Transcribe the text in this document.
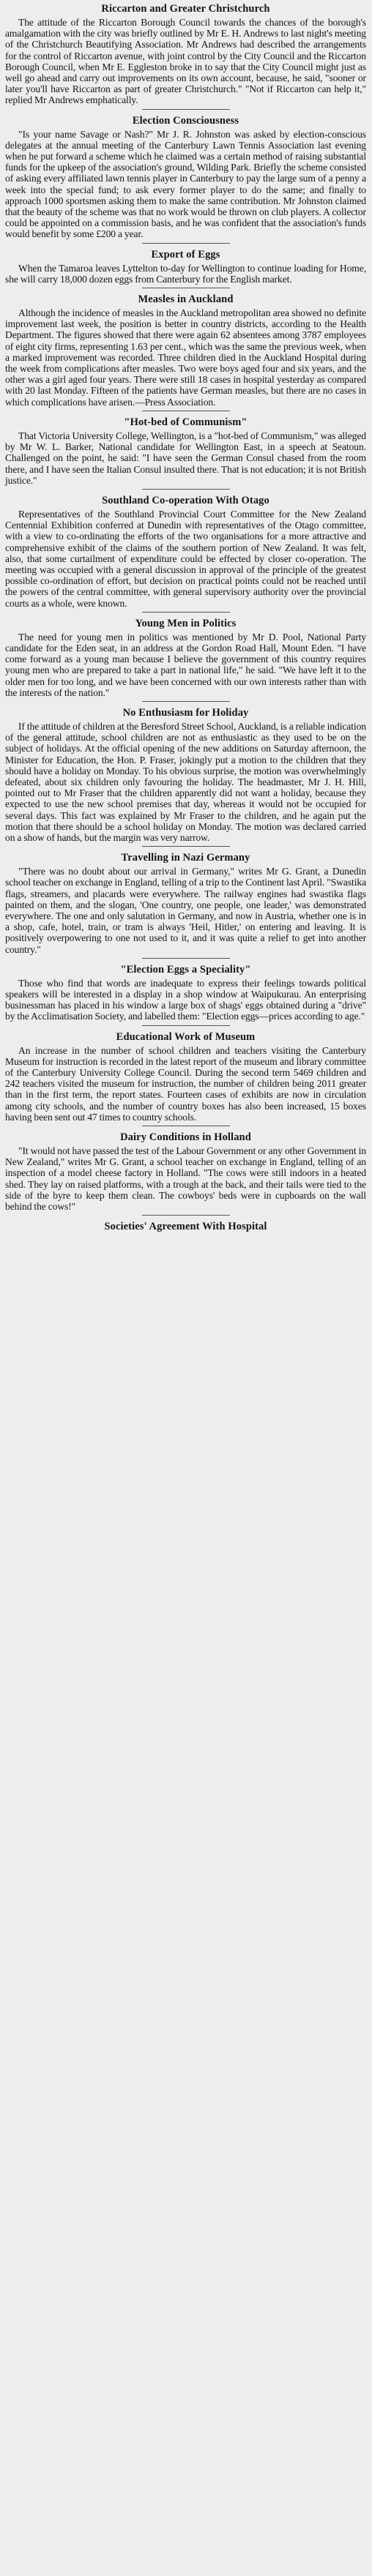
Riccarton and Greater Christchurch

The attitude of the Riccarton Borough Council towards the chances of the borough's amalgamation with the city was briefly outlined by Mr E. H. Andrews to last night's meeting of the Christchurch Beautifying Association. Mr Andrews had described the arrangements for the control of Riccarton avenue, with joint control by the City Council and the Riccarton Borough Council, when Mr E. Eggleston broke in to say that the City Council might just as well go ahead and carry out improvements on its own account, because, he said, "sooner or later you'll have Riccarton as part of greater Christchurch." "Not if Riccarton can help it," replied Mr Andrews emphatically.

Election Consciousness

"Is your name Savage or Nash?" Mr J. R. Johnston was asked by election-conscious delegates at the annual meeting of the Canterbury Lawn Tennis Association last evening when he put forward a scheme which he claimed was a certain method of raising substantial funds for the upkeep of the association's ground, Wilding Park. Briefly the scheme consisted of asking every affiliated lawn tennis player in Canterbury to pay the large sum of a penny a week into the special fund; to ask every former player to do the same; and finally to approach 1000 sportsmen asking them to make the same contribution. Mr Johnston claimed that the beauty of the scheme was that no work would be thrown on club players. A collector could be appointed on a commission basis, and he was confident that the association's funds would benefit by some £200 a year.

Export of Eggs

When the Tamaroa leaves Lyttelton to-day for Wellington to continue loading for Home, she will carry 18,000 dozen eggs from Canterbury for the English market.

Measles in Auckland

Although the incidence of measles in the Auckland metropolitan area showed no definite improvement last week, the position is better in country districts, according to the Health Department. The figures showed that there were again 62 absentees among 3787 employees of eight city firms, representing 1.63 per cent., which was the same the previous week, when a marked improvement was recorded. Three children died in the Auckland Hospital during the week from complications after measles. Two were boys aged four and six years, and the other was a girl aged four years. There were still 18 cases in hospital yesterday as compared with 20 last Monday. Fifteen of the patients have German measles, but there are no cases in which complications have arisen.—Press Association.

"Hot-bed of Communism"

That Victoria University College, Wellington, is a "hot-bed of Communism," was alleged by Mr W. L. Barker, National candidate for Wellington East, in a speech at Seatoun. Challenged on the point, he said: "I have seen the German Consul chased from the room there, and I have seen the Italian Consul insulted there. That is not education; it is not British justice."

Southland Co-operation With Otago

Representatives of the Southland Provincial Court Committee for the New Zealand Centennial Exhibition conferred at Dunedin with representatives of the Otago committee, with a view to co-ordinating the efforts of the two organisations for a more attractive and comprehensive exhibit of the claims of the southern portion of New Zealand. It was felt, also, that some curtailment of expenditure could be effected by closer co-operation. The meeting was occupied with a general discussion in approval of the principle of the greatest possible co-ordination of effort, but decision on practical points could not be reached until the powers of the central committee, with general supervisory authority over the provincial courts as a whole, were known.

Young Men in Politics

The need for young men in politics was mentioned by Mr D. Pool, National Party candidate for the Eden seat, in an address at the Gordon Road Hall, Mount Eden. "I have come forward as a young man because I believe the government of this country requires young men who are prepared to take a part in national life," he said. "We have left it to the older men for too long, and we have been concerned with our own interests rather than with the interests of the nation."

No Enthusiasm for Holiday

If the attitude of children at the Beresford Street School, Auckland, is a reliable indication of the general attitude, school children are not as enthusiastic as they used to be on the subject of holidays. At the official opening of the new additions on Saturday afternoon, the Minister for Education, the Hon. P. Fraser, jokingly put a motion to the children that they should have a holiday on Monday. To his obvious surprise, the motion was overwhelmingly defeated, about six children only favouring the holiday. The headmaster, Mr J. H. Hill, pointed out to Mr Fraser that the children apparently did not want a holiday, because they expected to use the new school premises that day, whereas it would not be occupied for several days. This fact was explained by Mr Fraser to the children, and he again put the motion that there should be a school holiday on Monday. The motion was declared carried on a show of hands, but the margin was very narrow.

Travelling in Nazi Germany

"There was no doubt about our arrival in Germany," writes Mr G. Grant, a Dunedin school teacher on exchange in England, telling of a trip to the Continent last April. "Swastika flags, streamers, and placards were everywhere. The railway engines had swastika flags painted on them, and the slogan, 'One country, one people, one leader,' was demonstrated everywhere. The one and only salutation in Germany, and now in Austria, whether one is in a shop, cafe, hotel, train, or tram is always 'Heil, Hitler,' on entering and leaving. It is positively overpowering to one not used to it, and it was quite a relief to get into another country."

"Election Eggs a Speciality"

Those who find that words are inadequate to express their feelings towards political speakers will be interested in a display in a shop window at Waipukurau. An enterprising businessman has placed in his window a large box of shags' eggs obtained during a "drive" by the Acclimatisation Society, and labelled them: "Election eggs—prices according to age."

Educational Work of Museum

An increase in the number of school children and teachers visiting the Canterbury Museum for instruction is recorded in the latest report of the museum and library committee of the Canterbury University College Council. During the second term 5469 children and 242 teachers visited the museum for instruction, the number of children being 2011 greater than in the first term, the report states. Fourteen cases of exhibits are now in circulation among city schools, and the number of country boxes has also been increased, 15 boxes having been sent out 47 times to country schools.

Dairy Conditions in Holland

"It would not have passed the test of the Labour Government or any other Government in New Zealand," writes Mr G. Grant, a school teacher on exchange in England, telling of an inspection of a model cheese factory in Holland. "The cows were still indoors in a heated shed. They lay on raised platforms, with a trough at the back, and their tails were tied to the side of the byre to keep them clean. The cowboys' beds were in cupboards on the wall behind the cows!"

Societies' Agreement With Hospital
